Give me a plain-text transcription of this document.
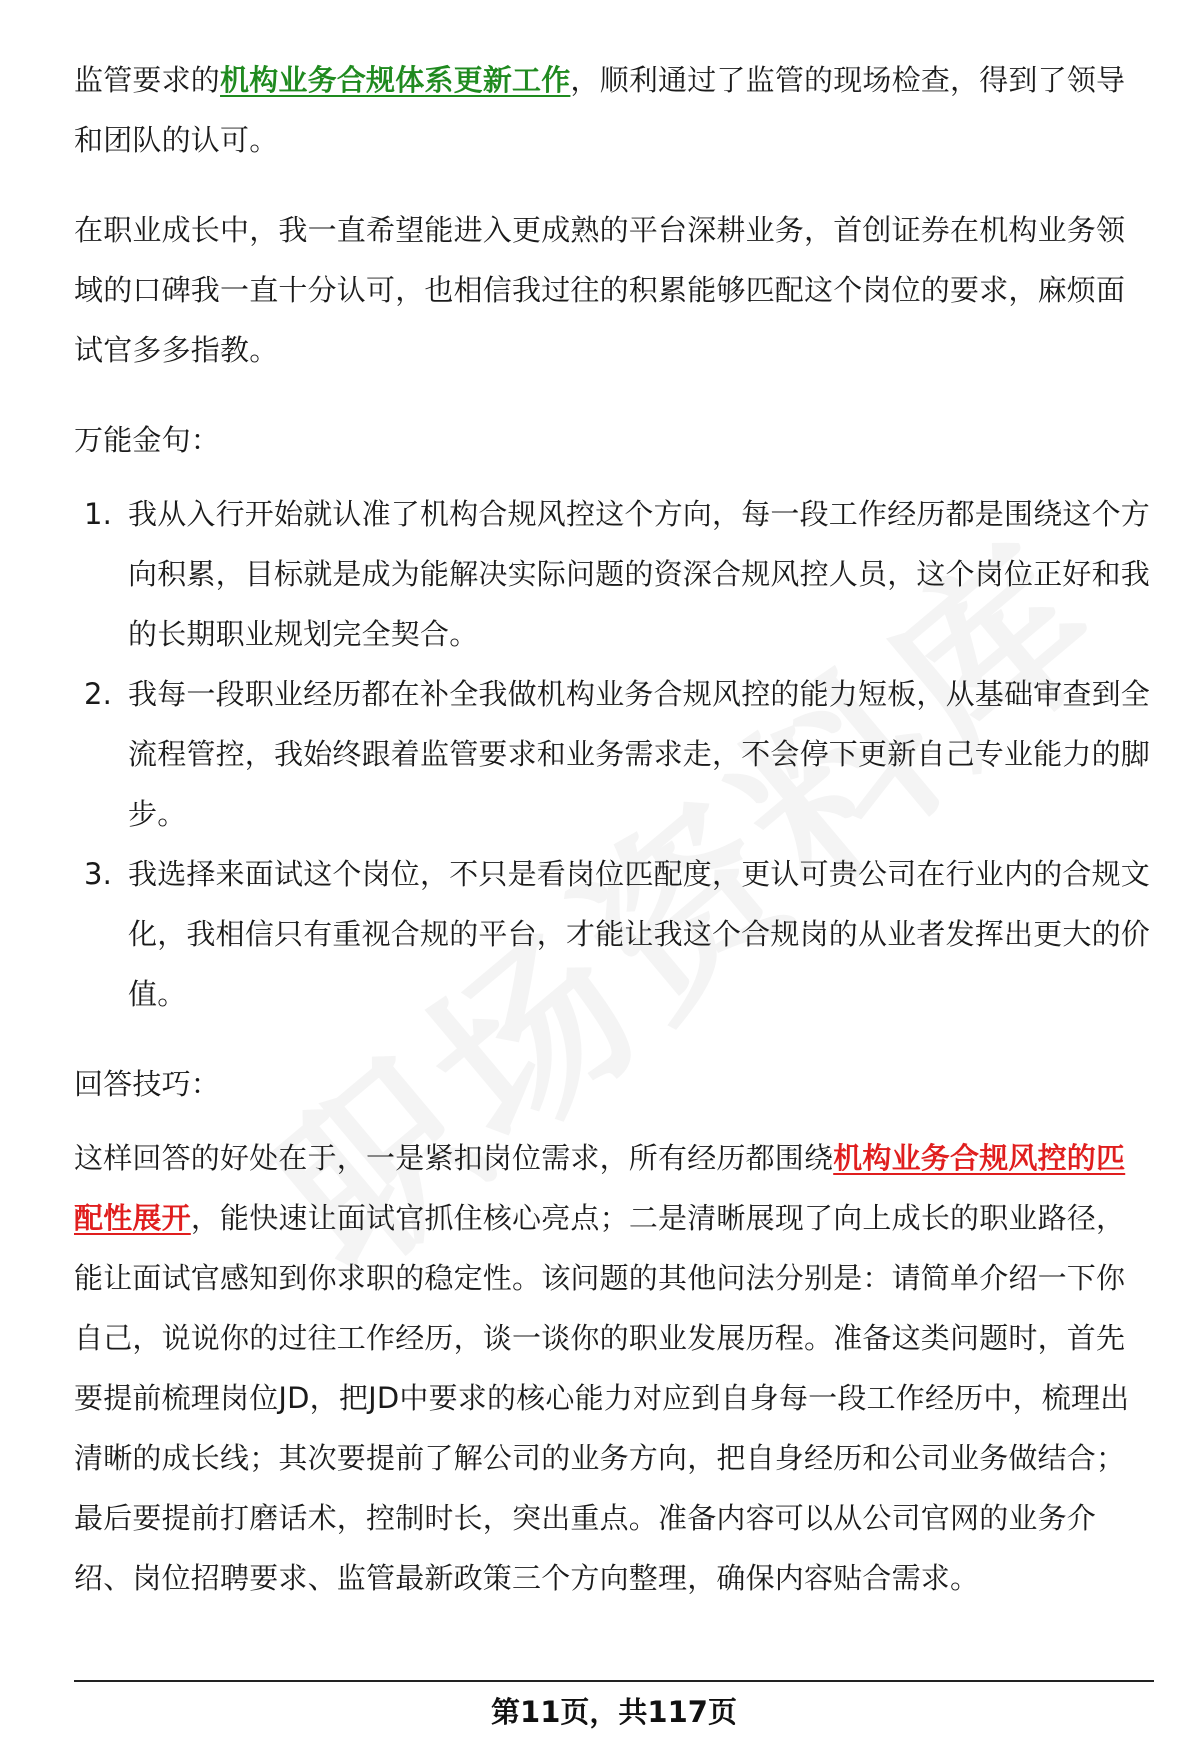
监管要求的机构业务合规体系更新工作，顺利通过了监管的现场检查，得到了领导和团队的认可。

在职业成长中，我一直希望能进入更成熟的平台深耕业务，首创证券在机构业务领域的口碑我一直十分认可，也相信我过往的积累能够匹配这个岗位的要求，麻烦面试官多多指教。

万能金句：

1. 我从入行开始就认准了机构合规风控这个方向，每一段工作经历都是围绕这个方向积累，目标就是成为能解决实际问题的资深合规风控人员，这个岗位正好和我的长期职业规划完全契合。
2. 我每一段职业经历都在补全我做机构业务合规风控的能力短板，从基础审查到全流程管控，我始终跟着监管要求和业务需求走，不会停下更新自己专业能力的脚步。
3. 我选择来面试这个岗位，不只是看岗位匹配度，更认可贵公司在行业内的合规文化，我相信只有重视合规的平台，才能让我这个合规岗的从业者发挥出更大的价值。

回答技巧：

这样回答的好处在于，一是紧扣岗位需求，所有经历都围绕机构业务合规风控的匹配性展开，能快速让面试官抓住核心亮点；二是清晰展现了向上成长的职业路径，能让面试官感知到你求职的稳定性。该问题的其他问法分别是：请简单介绍一下你自己，说说你的过往工作经历，谈一谈你的职业发展历程。准备这类问题时，首先要提前梳理岗位JD，把JD中要求的核心能力对应到自身每一段工作经历中，梳理出清晰的成长线；其次要提前了解公司的业务方向，把自身经历和公司业务做结合；最后要提前打磨话术，控制时长，突出重点。准备内容可以从公司官网的业务介绍、岗位招聘要求、监管最新政策三个方向整理，确保内容贴合需求。

第11页，共117页
